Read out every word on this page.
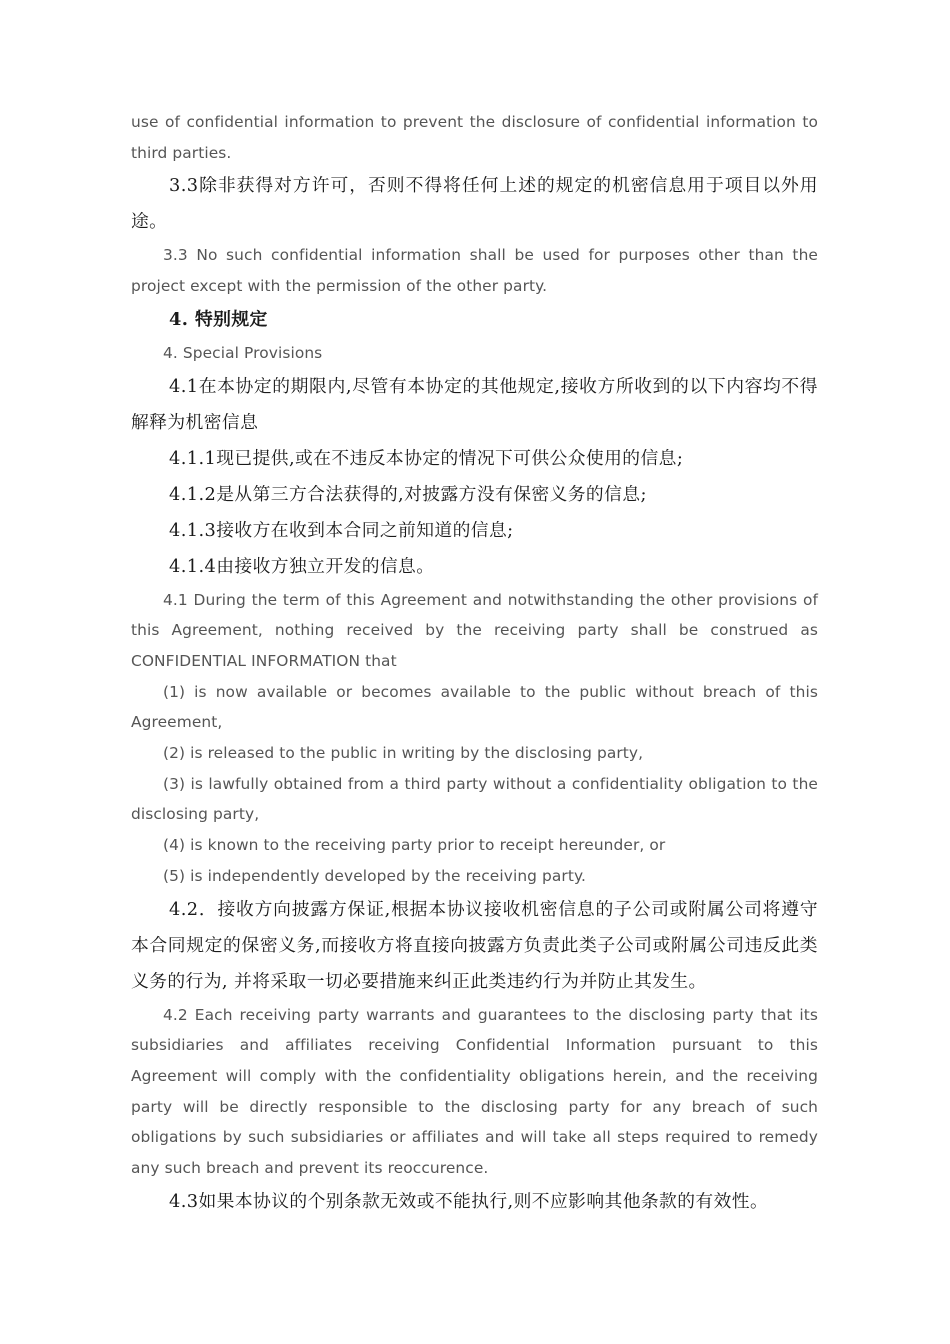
use of confidential information to prevent the disclosure of confidential information to third parties.

3.3除非获得对方许可，否则不得将任何上述的规定的机密信息用于项目以外用途。

3.3 No such confidential information shall be used for purposes other than the project except with the permission of the other party.

4. 特别规定

4. Special Provisions

4.1在本协定的期限内,尽管有本协定的其他规定,接收方所收到的以下内容均不得解释为机密信息

4.1.1现已提供,或在不违反本协定的情况下可供公众使用的信息;

4.1.2是从第三方合法获得的,对披露方没有保密义务的信息;

4.1.3接收方在收到本合同之前知道的信息;

4.1.4由接收方独立开发的信息。

4.1 During the term of this Agreement and notwithstanding the other provisions of this Agreement, nothing received by the receiving party shall be construed as CONFIDENTIAL INFORMATION that

(1) is now available or becomes available to the public without breach of this Agreement,

(2) is released to the public in writing by the disclosing party,

(3) is lawfully obtained from a third party without a confidentiality obligation to the disclosing party,

(4) is known to the receiving party prior to receipt hereunder, or

(5) is independently developed by the receiving party.

4.2．接收方向披露方保证,根据本协议接收机密信息的子公司或附属公司将遵守本合同规定的保密义务,而接收方将直接向披露方负责此类子公司或附属公司违反此类义务的行为, 并将采取一切必要措施来纠正此类违约行为并防止其发生。

4.2 Each receiving party warrants and guarantees to the disclosing party that its subsidiaries and affiliates receiving Confidential Information pursuant to this Agreement will comply with the confidentiality obligations herein, and the receiving party will be directly responsible to the disclosing party for any breach of such obligations by such subsidiaries or affiliates and will take all steps required to remedy any such breach and prevent its reoccurence.

4.3如果本协议的个别条款无效或不能执行,则不应影响其他条款的有效性。
